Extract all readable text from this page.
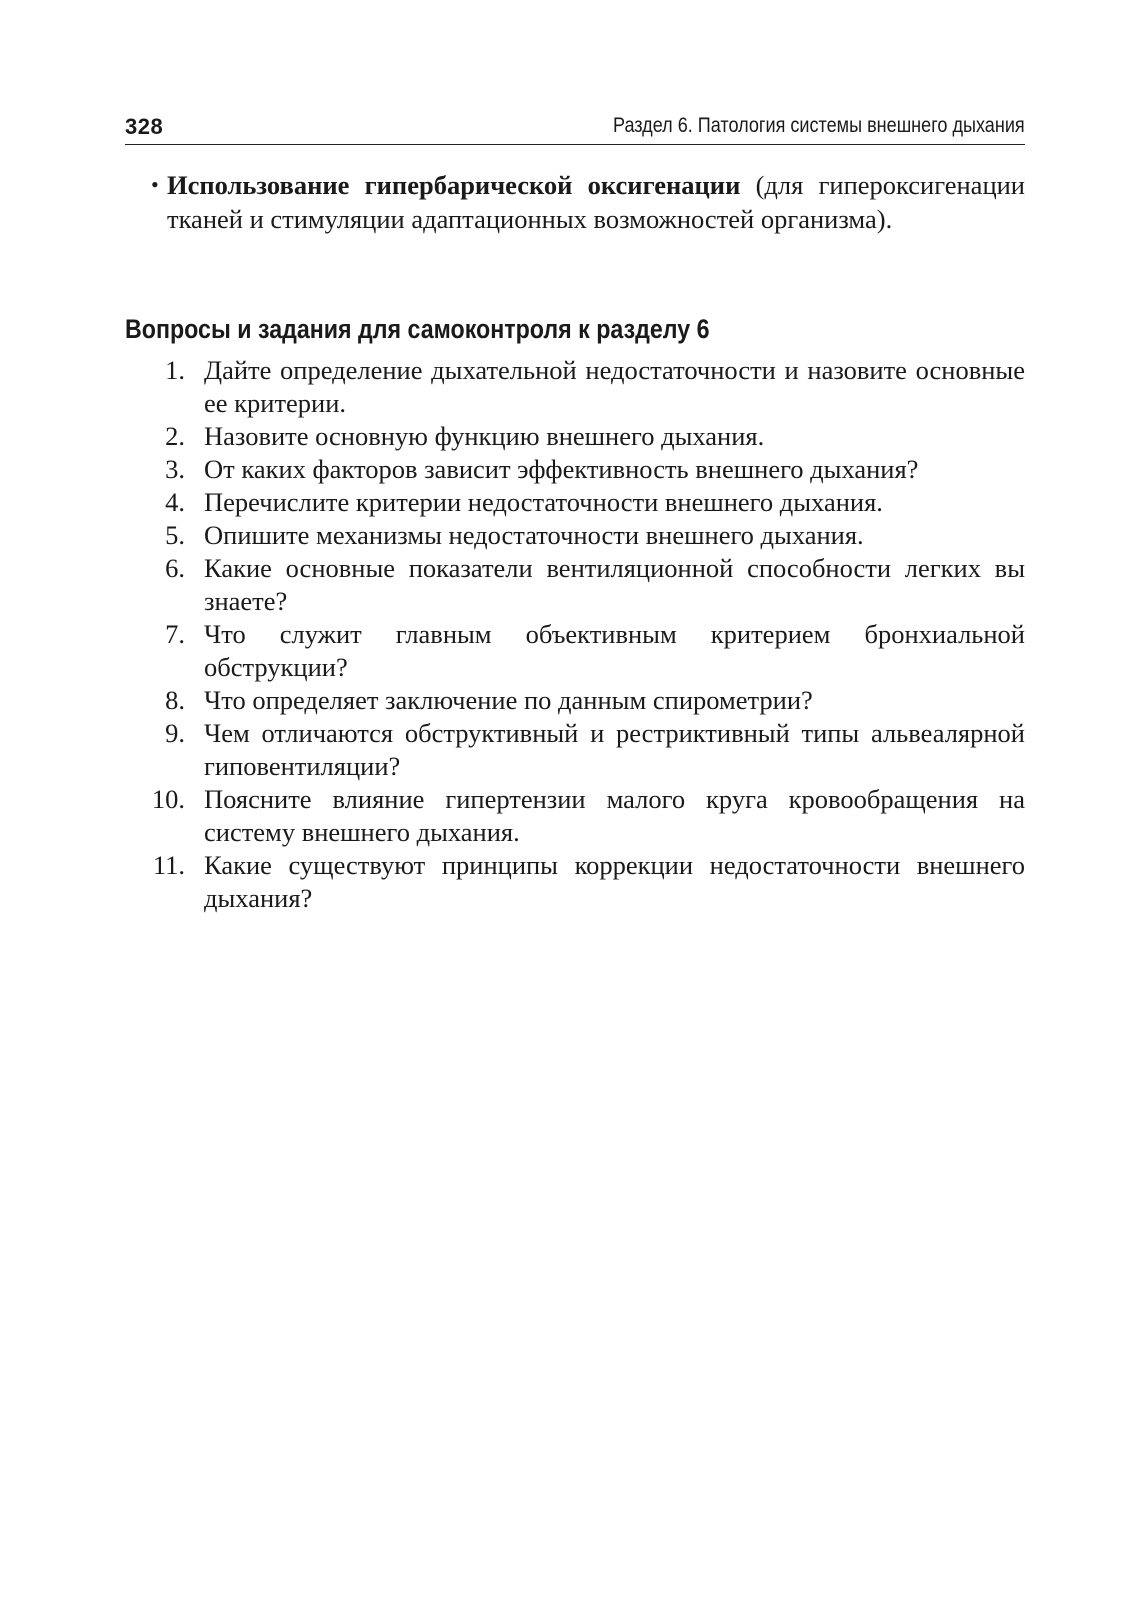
328	Раздел 6. Патология системы внешнего дыхания
• Использование гипербарической оксигенации (для гипероксигенации тканей и стимуляции адаптационных возможностей организма).
Вопросы и задания для самоконтроля к разделу 6
1. Дайте определение дыхательной недостаточности и назовите основные ее критерии.
2. Назовите основную функцию внешнего дыхания.
3. От каких факторов зависит эффективность внешнего дыхания?
4. Перечислите критерии недостаточности внешнего дыхания.
5. Опишите механизмы недостаточности внешнего дыхания.
6. Какие основные показатели вентиляционной способности легких вы знаете?
7. Что служит главным объективным критерием бронхиальной обструкции?
8. Что определяет заключение по данным спирометрии?
9. Чем отличаются обструктивный и рестриктивный типы альвеалярной гиповентиляции?
10. Поясните влияние гипертензии малого круга кровообращения на систему внешнего дыхания.
11. Какие существуют принципы коррекции недостаточности внешнего дыхания?
